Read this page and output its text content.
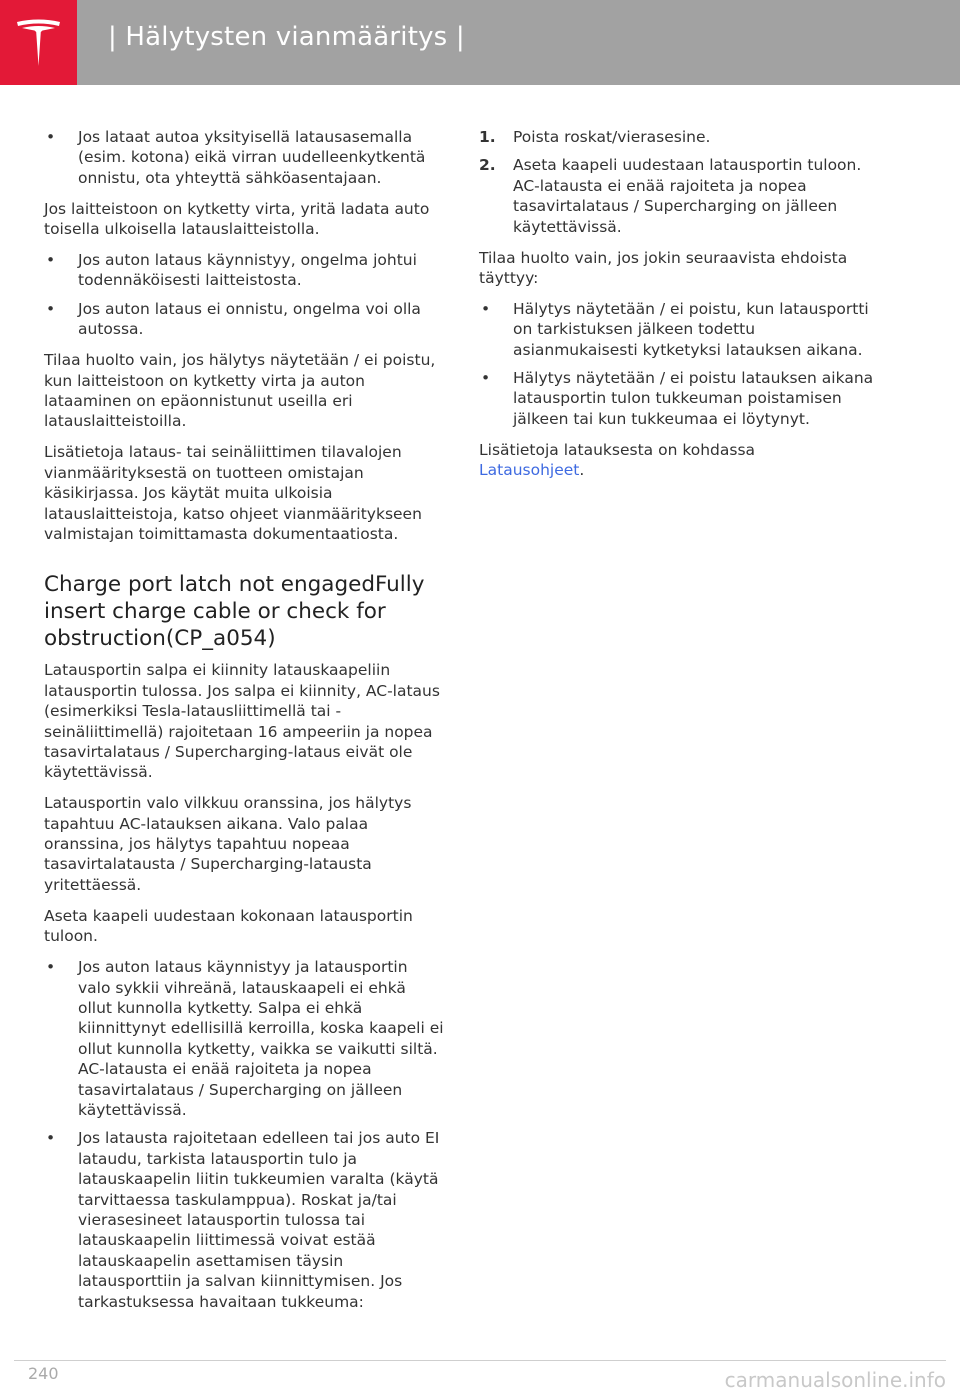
| Hälytysten vianmääritys |
• Jos lataat autoa yksityisellä latausasemalla (esim. kotona) eikä virran uudelleenkytkentä onnistu, ota yhteyttä sähköasentajaan.

Jos laitteistoon on kytketty virta, yritä ladata auto toisella ulkoisella latauslaitteistolla.

• Jos auton lataus käynnistyy, ongelma johtui todennäköisesti laitteistosta.
• Jos auton lataus ei onnistu, ongelma voi olla autossa.

Tilaa huolto vain, jos hälytys näytetään / ei poistu, kun laitteistoon on kytketty virta ja auton lataaminen on epäonnistunut useilla eri latauslaitteistoilla.

Lisätietoja lataus- tai seinäliittimen tilavalojen vianmäärityksestä on tuotteen omistajan käsikirjassa. Jos käytät muita ulkoisia latauslaitteistoja, katso ohjeet vianmääritykseen valmistajan toimittamasta dokumentaatiosta.

Charge port latch not engagedFully insert charge cable or check for obstruction(CP_a054)

Latausportin salpa ei kiinnity latauskaapeliin latausportin tulossa. Jos salpa ei kiinnity, AC-lataus (esimerkiksi Tesla-latausliittimellä tai -seinäliittimellä) rajoitetaan 16 ampeeriin ja nopea tasavirtalataus / Supercharging-lataus eivät ole käytettävissä.

Latausportin valo vilkkuu oranssina, jos hälytys tapahtuu AC-latauksen aikana. Valo palaa oranssina, jos hälytys tapahtuu nopeaa tasavirtalatausta / Supercharging-latausta yritettäessä.

Aseta kaapeli uudestaan kokonaan latausportin tuloon.

• Jos auton lataus käynnistyy ja latausportin valo sykkii vihreänä, latauskaapeli ei ehkä ollut kunnolla kytketty. Salpa ei ehkä kiinnittynyt edellisillä kerroilla, koska kaapeli ei ollut kunnolla kytketty, vaikka se vaikutti siltä. AC-latausta ei enää rajoiteta ja nopea tasavirtalataus / Supercharging on jälleen käytettävissä.
• Jos latausta rajoitetaan edelleen tai jos auto EI lataudu, tarkista latausportin tulo ja latauskaapelin liitin tukkeumien varalta (käytä tarvittaessa taskulamppua). Roskat ja/tai vierasesineet latausportin tulossa tai latauskaapelin liittimessä voivat estää latauskaapelin asettamisen täysin latausporttiin ja salvan kiinnittymisen. Jos tarkastuksessa havaitaan tukkeuma:
1. Poista roskat/vierasesine.
2. Aseta kaapeli uudestaan latausportin tuloon. AC-latausta ei enää rajoiteta ja nopea tasavirtalataus / Supercharging on jälleen käytettävissä.

Tilaa huolto vain, jos jokin seuraavista ehdoista täyttyy:

• Hälytys näytetään / ei poistu, kun latausportti on tarkistuksen jälkeen todettu asianmukaisesti kytketyksi latauksen aikana.
• Hälytys näytetään / ei poistu latauksen aikana latausportin tulon tukkeuman poistamisen jälkeen tai kun tukkeumaa ei löytynyt.

Lisätietoja latauksesta on kohdassa
Latausohjeet.

240	carmanualsonline.info
